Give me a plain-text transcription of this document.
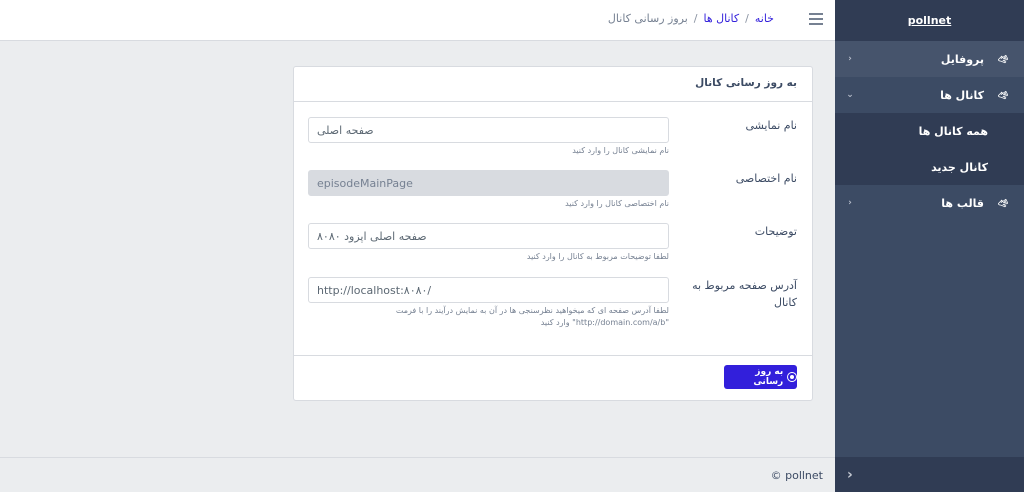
pollnet
پروفایل
‹
کانال ها
⌄
همه کانال ها
کانال جدید
قالب ها
‹
›
خانه
/
کانال ها
/
بروز رسانی کانال
به روز رسانی کانال
نام نمایشی
صفحه اصلی
نام نمایشی کانال را وارد کنید
نام اختصاصی
episodeMainPage
نام اختصاصی کانال را وارد کنید
توضیحات
صفحه اصلی اپزود ۸۰۸۰
لطفا توضیحات مربوط به کانال را وارد کنید
آدرس صفحه مربوط به کانال
/http://localhost:۸۰۸۰
لطفا آدرس صفحه ای که میخواهید نظرسنجی ها در آن به نمایش درآیند را با فرمت
"http://domain.com/a/b" وارد کنید
به روز رسانی
pollnet ©
